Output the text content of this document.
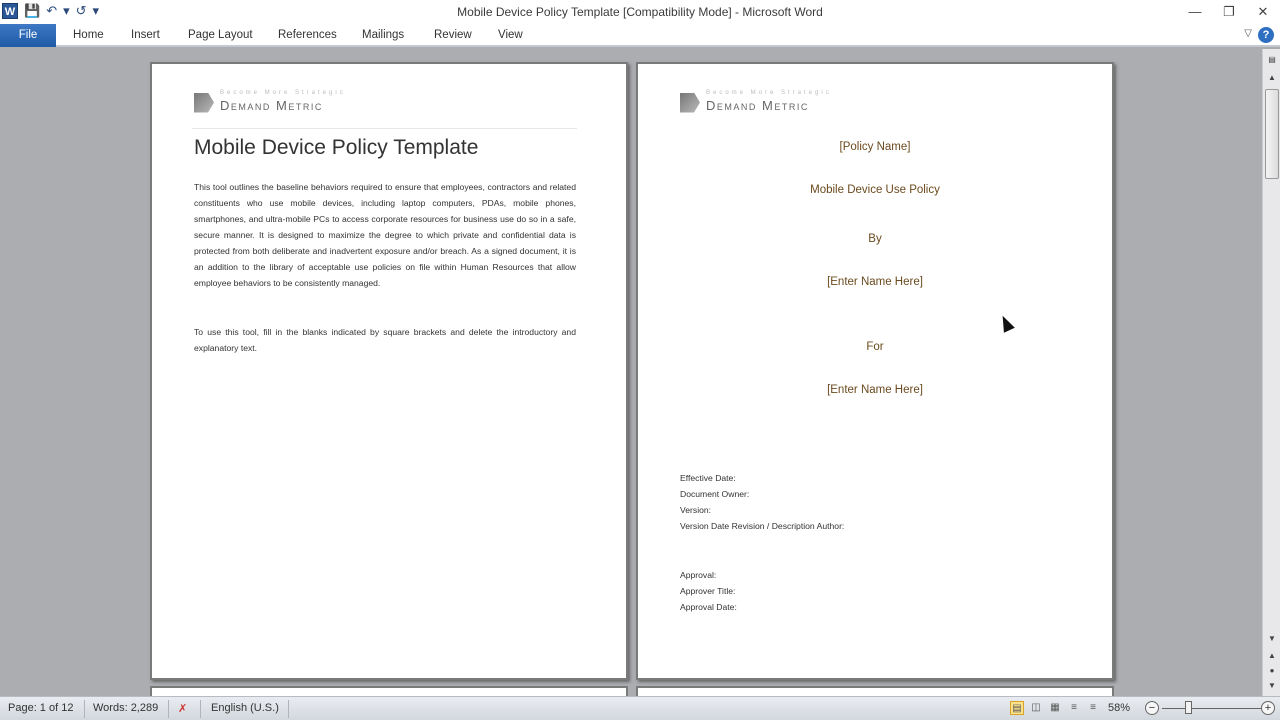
W 💾 ↶ ▾ ↺ ▾	Mobile Device Policy Template [Compatibility Mode] - Microsoft Word	—	❐	✕
File	Home Insert Page Layout References Mailings	Review View	▽ ?
Become More Strategic
Demand Metric
Mobile Device Policy Template
This tool outlines the baseline behaviors required to ensure that employees, contractors and related constituents who use mobile devices, including laptop computers, PDAs, mobile phones, smartphones, and ultra-mobile PCs to access corporate resources for business use do so in a safe, secure manner. It is designed to maximize the degree to which private and confidential data is protected from both deliberate and inadvertent exposure and/or breach. As a signed document, it is an addition to the library of acceptable use policies on file within Human Resources that allow employee behaviors to be consistently managed.
To use this tool, fill in the blanks indicated by square brackets and delete the introductory and explanatory text.
Become More Strategic
Demand Metric
[Policy Name]
Mobile Device Use Policy
By
[Enter Name Here]
For
[Enter Name Here]
Effective Date:
Document Owner:
Version:
Version Date Revision / Description Author:
Approval:
Approver Title:
Approval Date:
▤
▲
▼
▲
●
▼
Page: 1 of 12 Words: 2,289 ✗ English (U.S.)	▤ ◫ ▦	≡	≡	58%	−	+
